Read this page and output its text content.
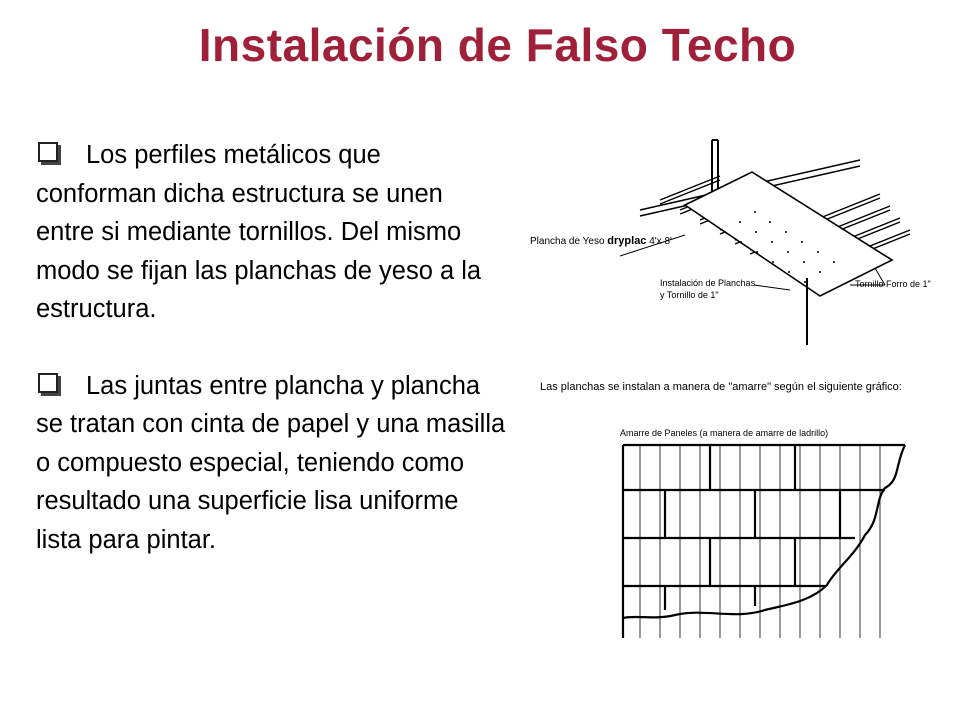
Instalación de Falso Techo

Los perfiles metálicos que conforman dicha estructura se unen entre si mediante tornillos. Del mismo modo se fijan las planchas de yeso a la estructura.

Las juntas entre plancha y plancha se tratan con cinta de papel y una masilla o compuesto especial, teniendo como resultado una superficie lisa uniforme lista para pintar.

Plancha de Yeso dryplac 4'x 8'
Instalación de Planchas
y Tornillo de 1"
Tornillo Forro de 1"
Las planchas se instalan a manera de "amarre" según el siguiente gráfico:
Amarre de Paneles (a manera de amarre de ladrillo)
